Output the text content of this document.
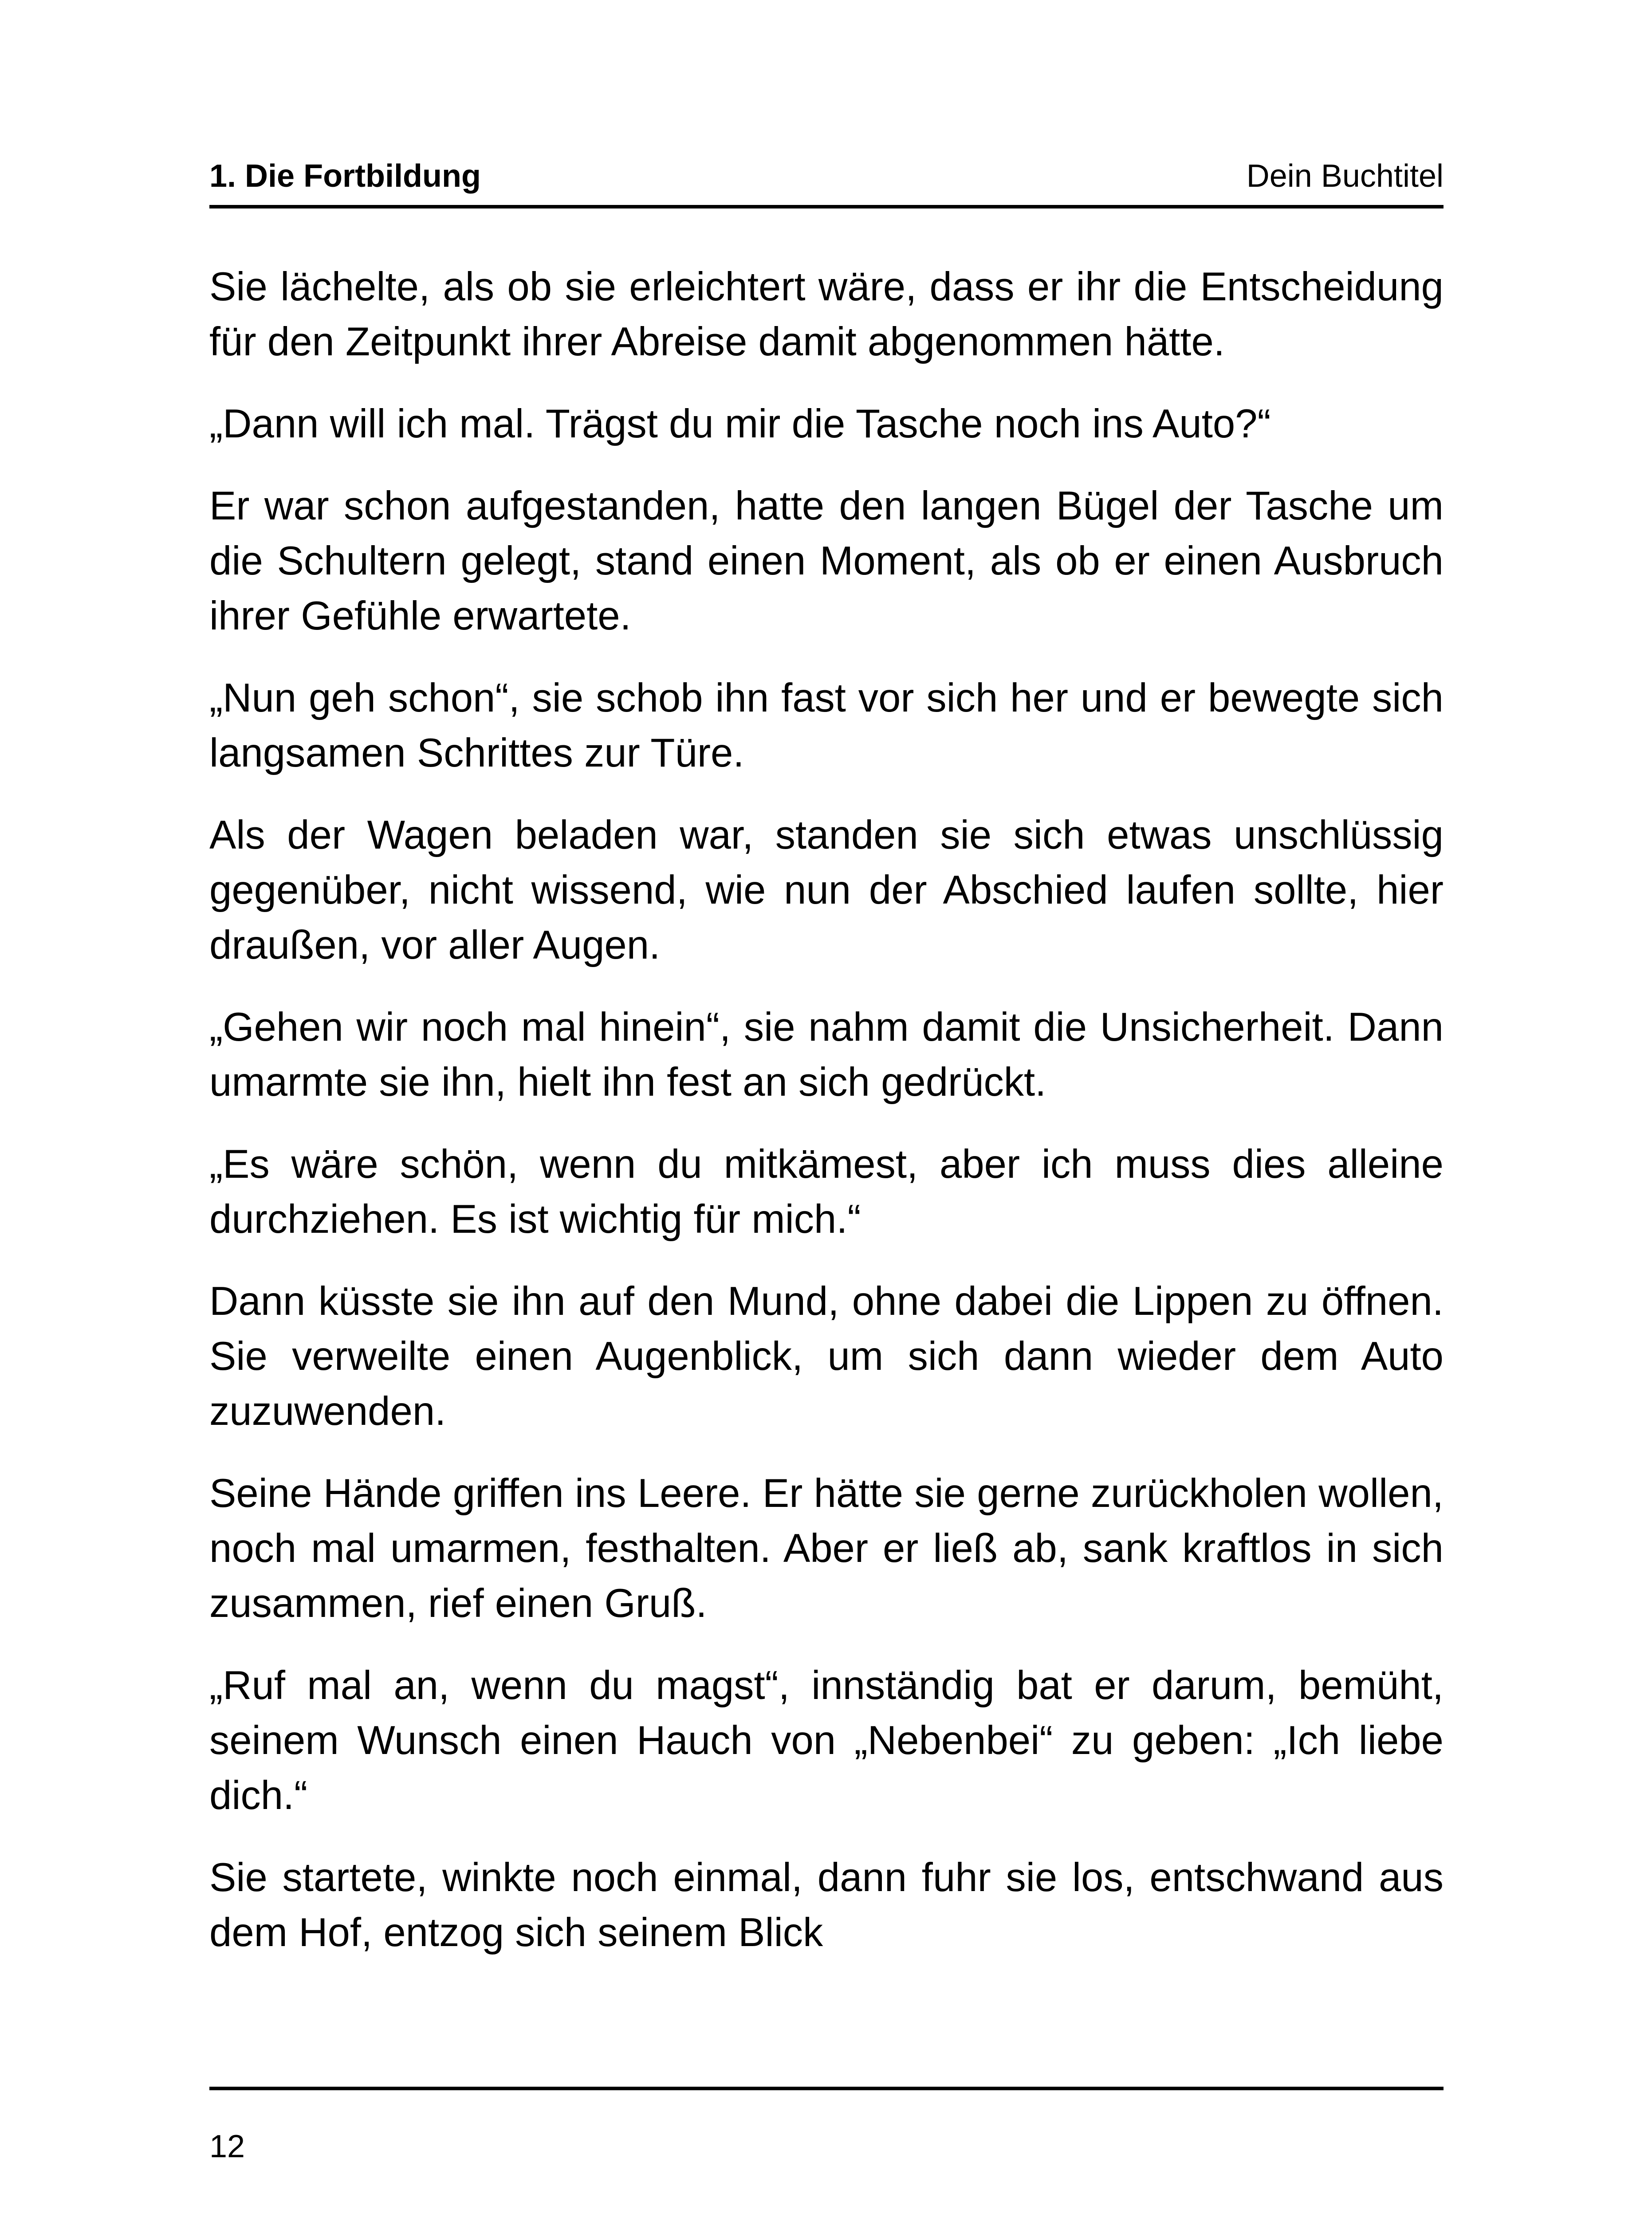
1. Die Fortbildung	Dein Buchtitel

Sie lächelte, als ob sie erleichtert wäre, dass er ihr die Entscheidung für den Zeitpunkt ihrer Abreise damit abgenommen hätte.

„Dann will ich mal. Trägst du mir die Tasche noch ins Auto?“

Er war schon aufgestanden, hatte den langen Bügel der Tasche um die Schultern gelegt, stand einen Moment, als ob er einen Ausbruch ihrer Gefühle erwartete.

„Nun geh schon“, sie schob ihn fast vor sich her und er bewegte sich langsamen Schrittes zur Türe.

Als der Wagen beladen war, standen sie sich etwas unschlüssig gegenüber, nicht wissend, wie nun der Abschied laufen sollte, hier draußen, vor aller Augen.

„Gehen wir noch mal hinein“, sie nahm damit die Unsicherheit. Dann umarmte sie ihn, hielt ihn fest an sich gedrückt.

„Es wäre schön, wenn du mitkämest, aber ich muss dies alleine durchziehen. Es ist wichtig für mich.“

Dann küsste sie ihn auf den Mund, ohne dabei die Lippen zu öffnen. Sie verweilte einen Augenblick, um sich dann wieder dem Auto zuzuwenden.

Seine Hände griffen ins Leere. Er hätte sie gerne zurückholen wollen, noch mal umarmen, festhalten. Aber er ließ ab, sank kraftlos in sich zusammen, rief einen Gruß.

„Ruf mal an, wenn du magst“, innständig bat er darum, bemüht, seinem Wunsch einen Hauch von „Nebenbei“ zu geben: „Ich liebe dich.“

Sie startete, winkte noch einmal, dann fuhr sie los, entschwand aus dem Hof, entzog sich seinem Blick

12
